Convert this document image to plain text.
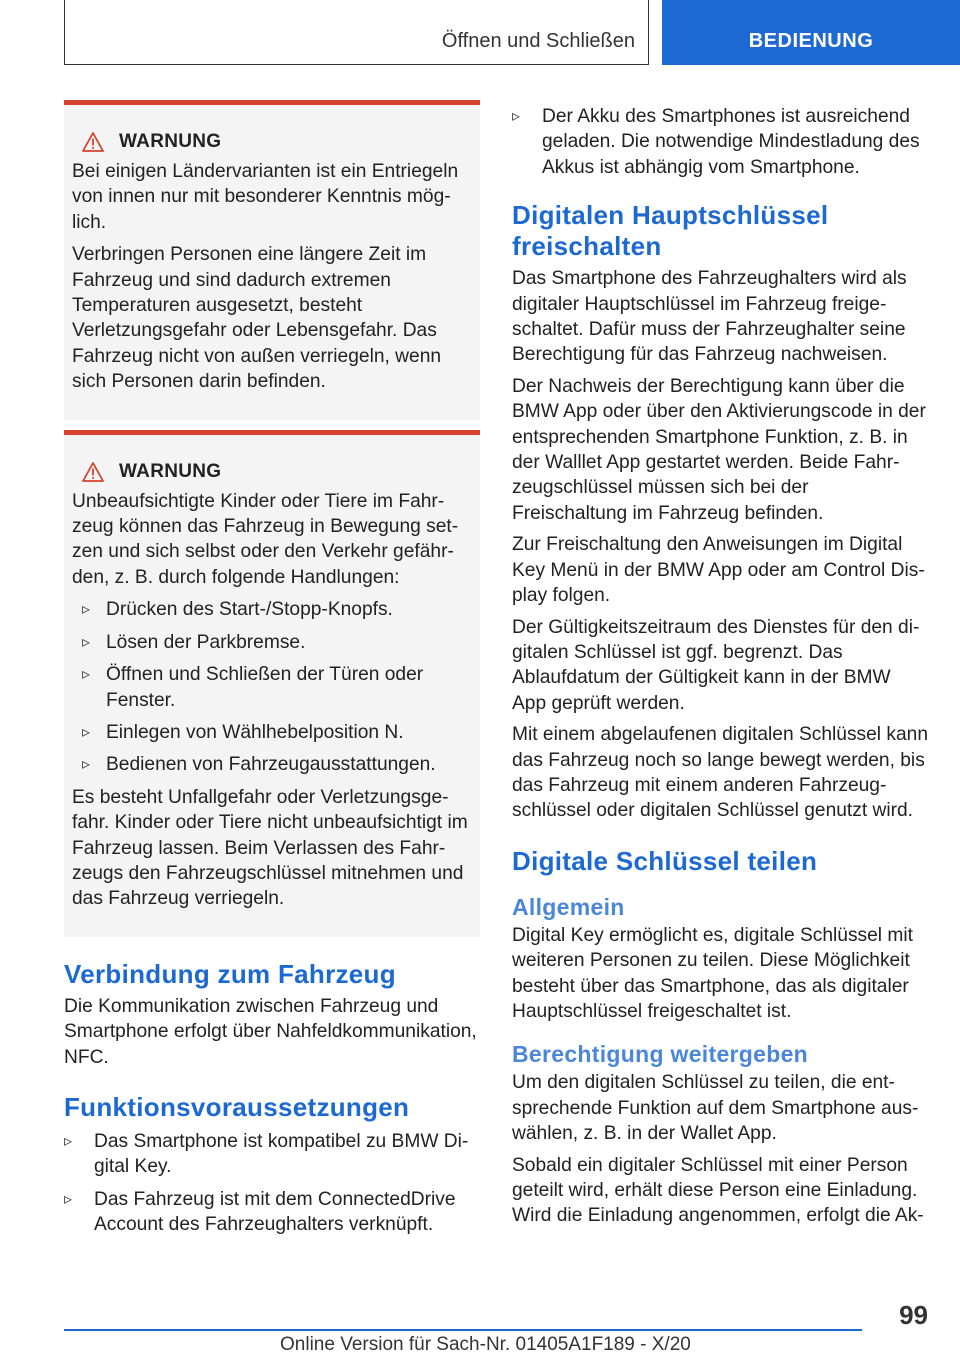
Öffnen und Schließen	BEDIENUNG
WARNUNG

Bei einigen Ländervarianten ist ein Entriegeln von innen nur mit besonderer Kenntnis möglich.

Verbringen Personen eine längere Zeit im Fahrzeug und sind dadurch extremen Temperaturen ausgesetzt, besteht Verletzungsgefahr oder Lebensgefahr. Das Fahrzeug nicht von außen verriegeln, wenn sich Personen darin befinden.

WARNUNG

Unbeaufsichtigte Kinder oder Tiere im Fahrzeug können das Fahrzeug in Bewegung setzen und sich selbst oder den Verkehr gefährden, z. B. durch folgende Handlungen:

▹ Drücken des Start-/Stopp-Knopfs.
▹ Lösen der Parkbremse.
▹ Öffnen und Schließen der Türen oder Fenster.
▹ Einlegen von Wählhebelposition N.
▹ Bedienen von Fahrzeugausstattungen.

Es besteht Unfallgefahr oder Verletzungsgefahr. Kinder oder Tiere nicht unbeaufsichtigt im Fahrzeug lassen. Beim Verlassen des Fahrzeugs den Fahrzeugschlüssel mitnehmen und das Fahrzeug verriegeln.

Verbindung zum Fahrzeug

Die Kommunikation zwischen Fahrzeug und Smartphone erfolgt über Nahfeldkommunikation, NFC.

Funktionsvoraussetzungen
▹ Das Smartphone ist kompatibel zu BMW Digital Key.
▹ Das Fahrzeug ist mit dem ConnectedDrive Account des Fahrzeughalters verknüpft.
▹ Der Akku des Smartphones ist ausreichend geladen. Die notwendige Mindestladung des Akkus ist abhängig vom Smartphone.
Digitalen Hauptschlüssel freischalten

Das Smartphone des Fahrzeughalters wird als digitaler Hauptschlüssel im Fahrzeug freigeschaltet. Dafür muss der Fahrzeughalter seine Berechtigung für das Fahrzeug nachweisen.

Der Nachweis der Berechtigung kann über die BMW App oder über den Aktivierungscode in der entsprechenden Smartphone Funktion, z. B. in der Walllet App gestartet werden. Beide Fahrzeugschlüssel müssen sich bei der Freischaltung im Fahrzeug befinden.

Zur Freischaltung den Anweisungen im Digital Key Menü in der BMW App oder am Control Display folgen.

Der Gültigkeitszeitraum des Dienstes für den digitalen Schlüssel ist ggf. begrenzt. Das Ablaufdatum der Gültigkeit kann in der BMW App geprüft werden.

Mit einem abgelaufenen digitalen Schlüssel kann das Fahrzeug noch so lange bewegt werden, bis das Fahrzeug mit einem anderen Fahrzeugschlüssel oder digitalen Schlüssel genutzt wird.

Digitale Schlüssel teilen
Allgemein

Digital Key ermöglicht es, digitale Schlüssel mit weiteren Personen zu teilen. Diese Möglichkeit besteht über das Smartphone, das als digitaler Hauptschlüssel freigeschaltet ist.

Berechtigung weitergeben

Um den digitalen Schlüssel zu teilen, die entsprechende Funktion auf dem Smartphone auswählen, z. B. in der Wallet App.

Sobald ein digitaler Schlüssel mit einer Person geteilt wird, erhält diese Person eine Einladung. Wird die Einladung angenommen, erfolgt die Ak-

99
Online Version für Sach-Nr. 01405A1F189 - X/20
